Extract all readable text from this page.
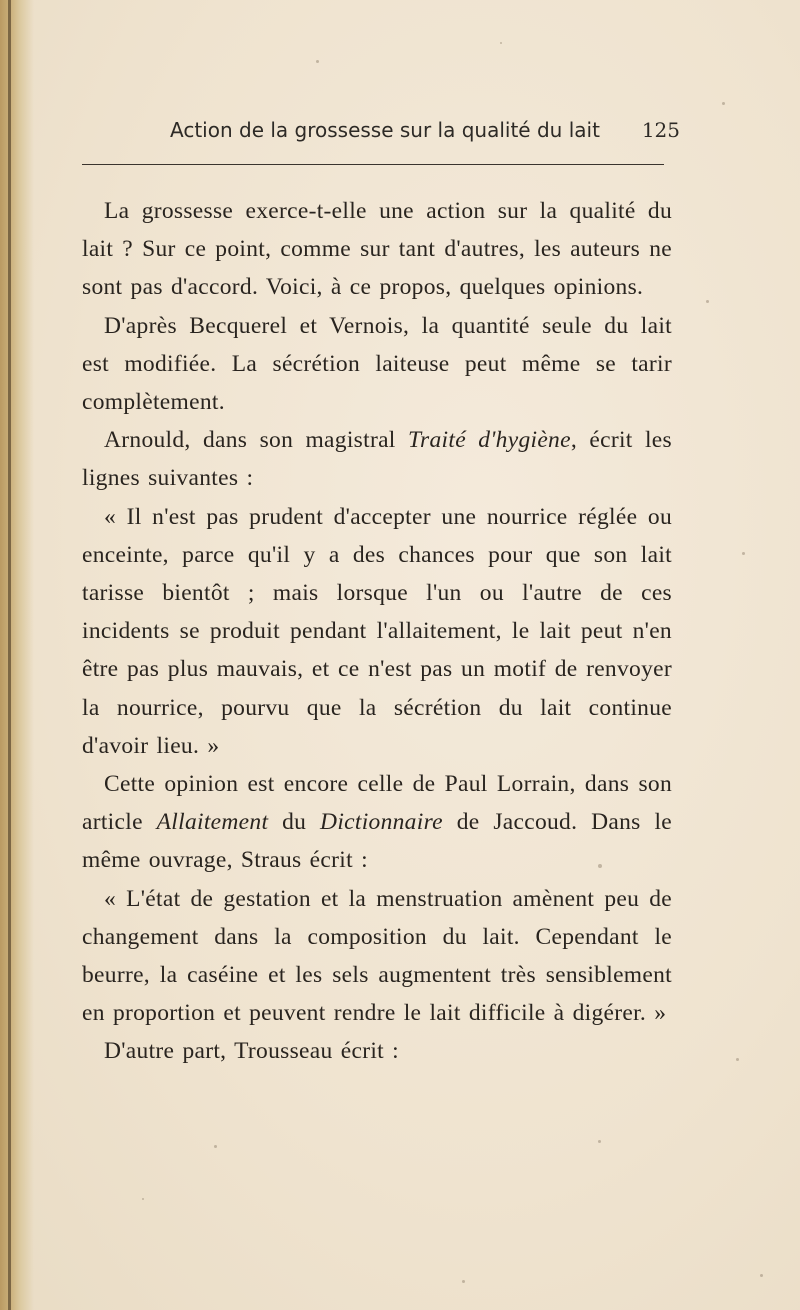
Action de la grossesse sur la qualité du lait 125

La grossesse exerce-t-elle une action sur la qualité du lait ? Sur ce point, comme sur tant d'autres, les auteurs ne sont pas d'accord. Voici, à ce propos, quelques opinions.

D'après Becquerel et Vernois, la quantité seule du lait est modifiée. La sécrétion laiteuse peut même se tarir complètement.

Arnould, dans son magistral Traité d'hygiène, écrit les lignes suivantes :

« Il n'est pas prudent d'accepter une nourrice réglée ou enceinte, parce qu'il y a des chances pour que son lait tarisse bientôt ; mais lorsque l'un ou l'autre de ces incidents se produit pendant l'allaitement, le lait peut n'en être pas plus mauvais, et ce n'est pas un motif de renvoyer la nourrice, pourvu que la sécrétion du lait continue d'avoir lieu. »

Cette opinion est encore celle de Paul Lorrain, dans son article Allaitement du Dictionnaire de Jaccoud. Dans le même ouvrage, Straus écrit :

« L'état de gestation et la menstruation amènent peu de changement dans la composition du lait. Cependant le beurre, la caséine et les sels augmentent très sensiblement en proportion et peuvent rendre le lait difficile à digérer. »

D'autre part, Trousseau écrit :
